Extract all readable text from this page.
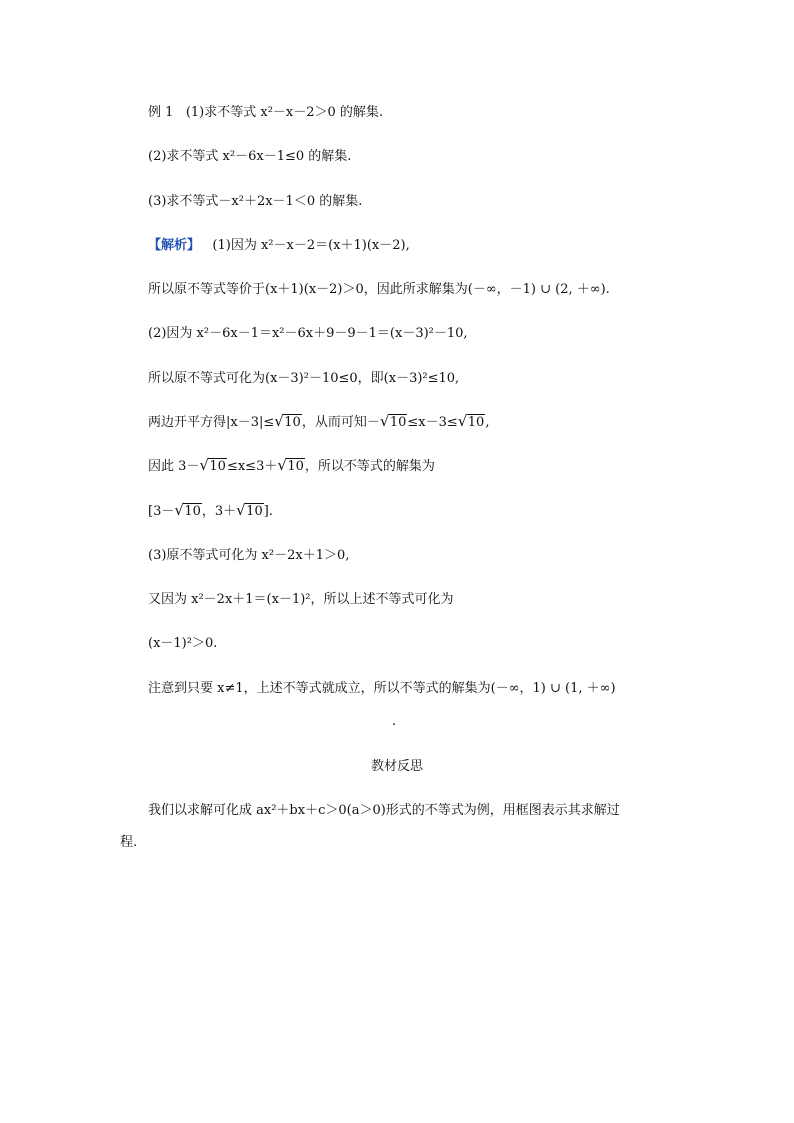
例 1 (1)求不等式 x²－x－2＞0 的解集.
(2)求不等式 x²－6x－1≤0 的解集.
(3)求不等式－x²＋2x－1＜0 的解集.
【解析】 (1)因为 x²－x－2＝(x＋1)(x－2),
所以原不等式等价于(x＋1)(x－2)＞0，因此所求解集为(－∞，－1) ∪ (2, ＋∞).
(2)因为 x²－6x－1＝x²－6x＋9－9－1＝(x－3)²－10,
所以原不等式可化为(x－3)²－10≤0，即(x－3)²≤10,
两边开平方得|x－3|≤ √ 10，从而可知－ √ 10≤x－3≤ √ 10,
因此 3－ √ 10≤x≤3＋ √ 10，所以不等式的解集为
[3－ √ 10，3＋ √ 10].
(3)原不等式可化为 x²－2x＋1＞0,
又因为 x²－2x＋1＝(x－1)²，所以上述不等式可化为
(x－1)²＞0.
注意到只要 x≠1，上述不等式就成立，所以不等式的解集为(－∞，1) ∪ (1, ＋∞)
.
教材反思
我们以求解可化成 ax²＋bx＋c＞0(a＞0)形式的不等式为例，用框图表示其求解过
程.
